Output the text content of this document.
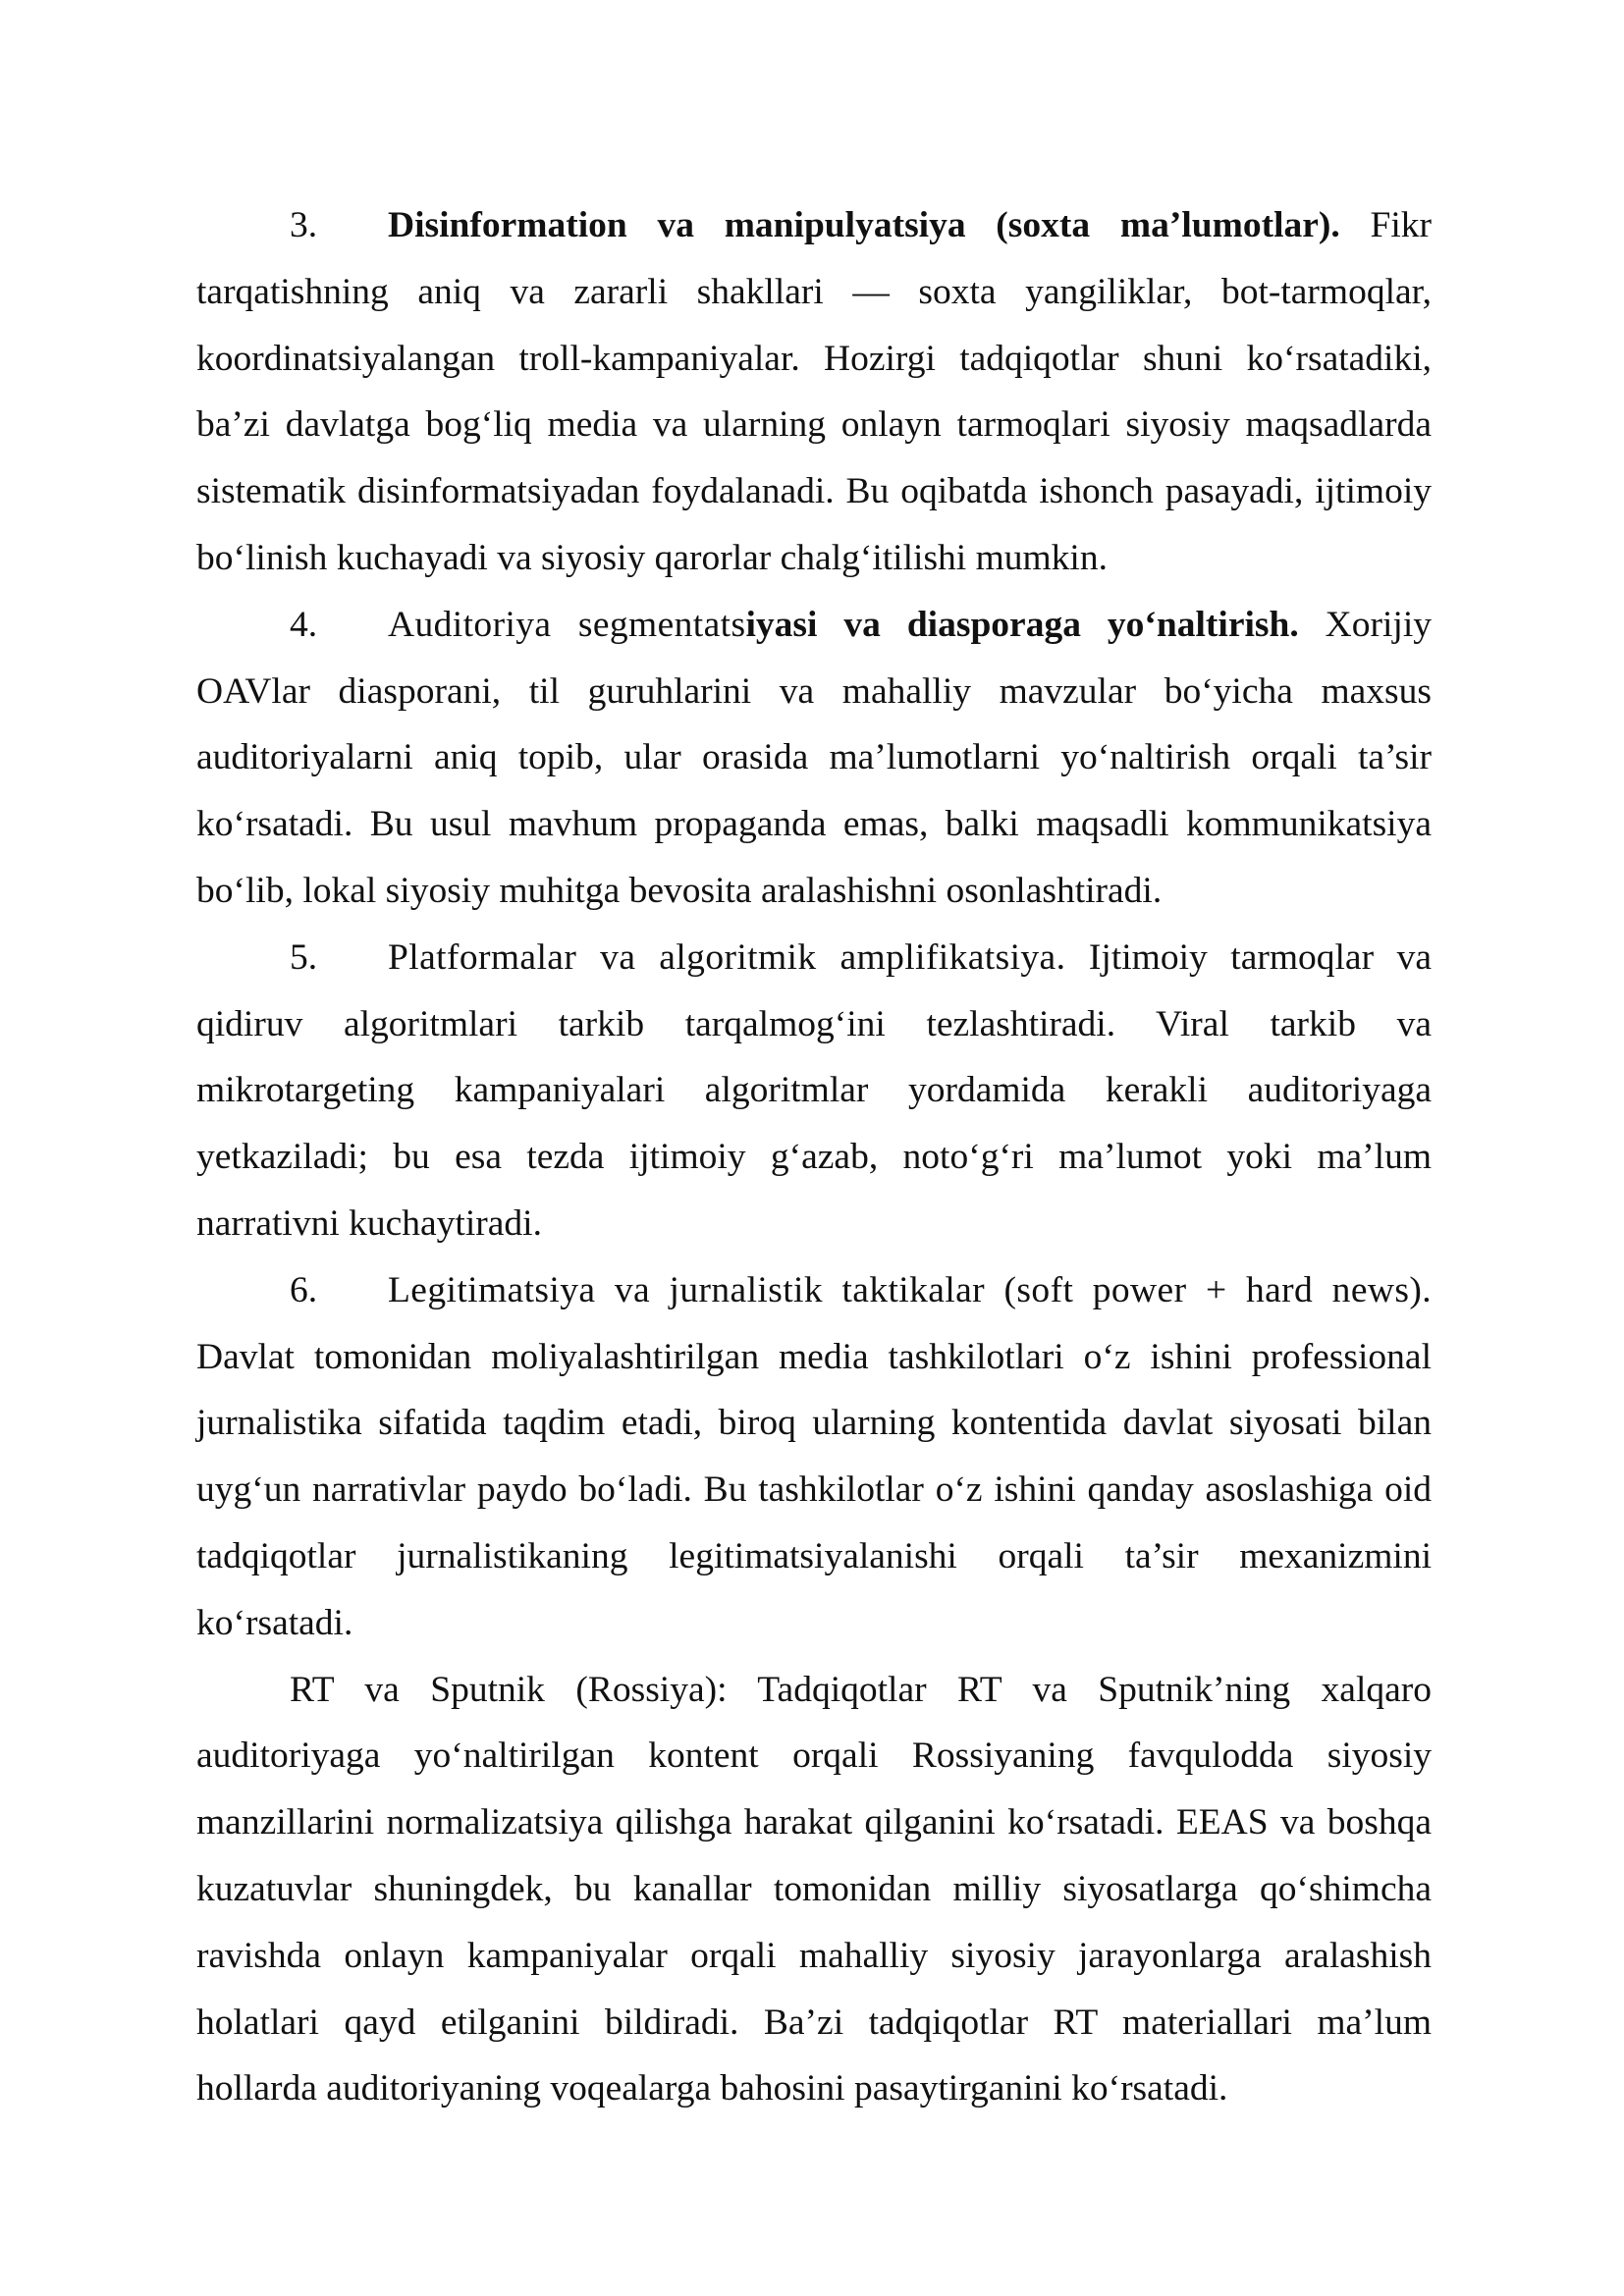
3. Disinformation va manipulyatsiya (soxta ma’lumotlar). Fikr tarqatishning aniq va zararli shakllari — soxta yangiliklar, bot-tarmoqlar, koordinatsiyalangan troll-kampaniyalar. Hozirgi tadqiqotlar shuni ko‘rsatadiki, ba’zi davlatga bog‘liq media va ularning onlayn tarmoqlari siyosiy maqsadlarda sistematik disinformatsiyadan foydalanadi. Bu oqibatda ishonch pasayadi, ijtimoiy bo‘linish kuchayadi va siyosiy qarorlar chalg‘itilishi mumkin.

4. Auditoriya segmentatsiyasi va diasporaga yo‘naltirish. Xorijiy OAVlar diasporani, til guruhlarini va mahalliy mavzular bo‘yicha maxsus auditoriyalarni aniq topib, ular orasida ma’lumotlarni yo‘naltirish orqali ta’sir ko‘rsatadi. Bu usul mavhum propaganda emas, balki maqsadli kommunikatsiya bo‘lib, lokal siyosiy muhitga bevosita aralashishni osonlashtiradi.

5. Platformalar va algoritmik amplifikatsiya. Ijtimoiy tarmoqlar va qidiruv algoritmlari tarkib tarqalmog‘ini tezlashtiradi. Viral tarkib va mikrotargeting kampaniyalari algoritmlar yordamida kerakli auditoriyaga yetkaziladi; bu esa tezda ijtimoiy g‘azab, noto‘g‘ri ma’lumot yoki ma’lum narrativni kuchaytiradi.

6. Legitimatsiya va jurnalistik taktikalar (soft power + hard news). Davlat tomonidan moliyalashtirilgan media tashkilotlari o‘z ishini professional jurnalistika sifatida taqdim etadi, biroq ularning kontentida davlat siyosati bilan uyg‘un narrativlar paydo bo‘ladi. Bu tashkilotlar o‘z ishini qanday asoslashiga oid tadqiqotlar jurnalistikaning legitimatsiyalanishi orqali ta’sir mexanizmini ko‘rsatadi.

RT va Sputnik (Rossiya): Tadqiqotlar RT va Sputnik’ning xalqaro auditoriyaga yo‘naltirilgan kontent orqali Rossiyaning favqulodda siyosiy manzillarini normalizatsiya qilishga harakat qilganini ko‘rsatadi. EEAS va boshqa kuzatuvlar shuningdek, bu kanallar tomonidan milliy siyosatlarga qo‘shimcha ravishda onlayn kampaniyalar orqali mahalliy siyosiy jarayonlarga aralashish holatlari qayd etilganini bildiradi. Ba’zi tadqiqotlar RT materiallari ma’lum hollarda auditoriyaning voqealarga bahosini pasaytirganini ko‘rsatadi.
